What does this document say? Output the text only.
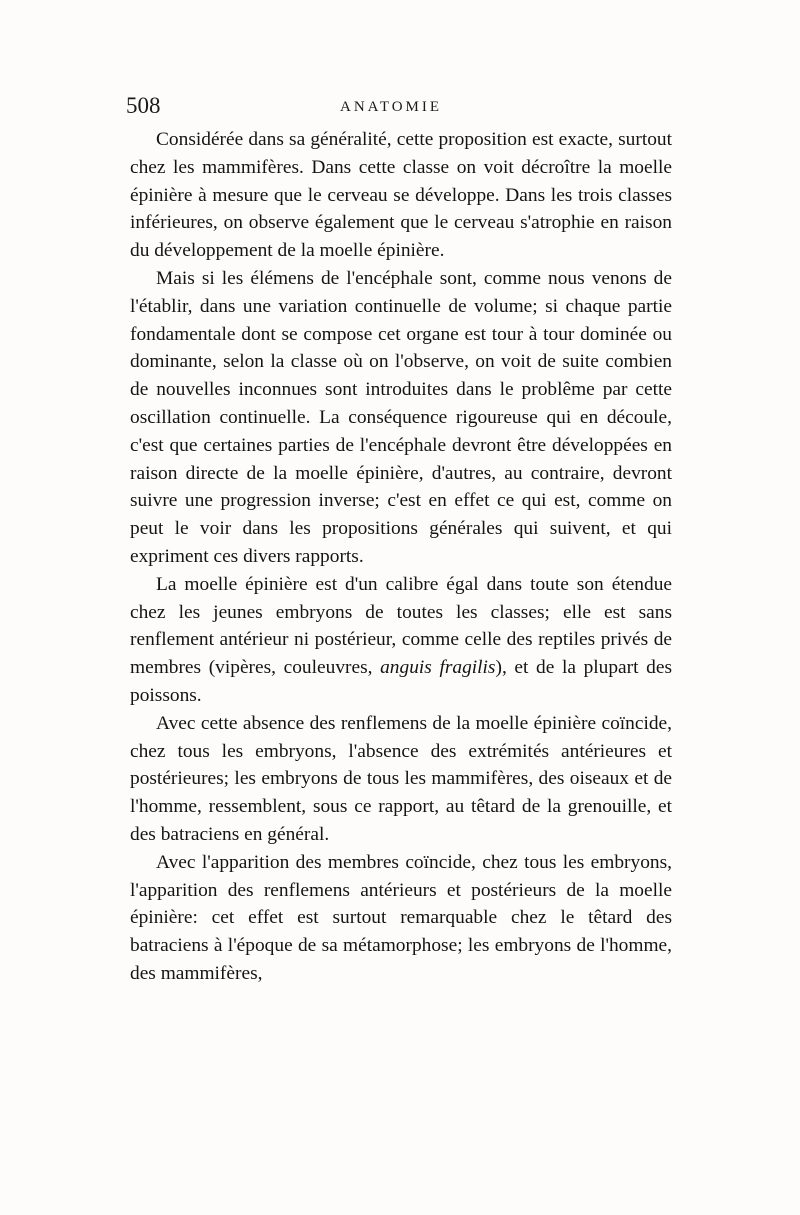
508	ANATOMIE

Considérée dans sa généralité, cette proposition est exacte, surtout chez les mammifères. Dans cette classe on voit décroître la moelle épinière à mesure que le cerveau se développe. Dans les trois classes inférieures, on observe également que le cerveau s'atrophie en raison du développement de la moelle épinière.

Mais si les élémens de l'encéphale sont, comme nous venons de l'établir, dans une variation continuelle de volume; si chaque partie fondamentale dont se compose cet organe est tour à tour dominée ou dominante, selon la classe où on l'observe, on voit de suite combien de nouvelles inconnues sont introduites dans le problême par cette oscillation continuelle. La conséquence rigoureuse qui en découle, c'est que certaines parties de l'encéphale devront être développées en raison directe de la moelle épinière, d'autres, au contraire, devront suivre une progression inverse; c'est en effet ce qui est, comme on peut le voir dans les propositions générales qui suivent, et qui expriment ces divers rapports.

La moelle épinière est d'un calibre égal dans toute son étendue chez les jeunes embryons de toutes les classes; elle est sans renflement antérieur ni postérieur, comme celle des reptiles privés de membres (vipères, couleuvres, anguis fragilis), et de la plupart des poissons.

Avec cette absence des renflemens de la moelle épinière coïncide, chez tous les embryons, l'absence des extrémités antérieures et postérieures; les embryons de tous les mammifères, des oiseaux et de l'homme, ressemblent, sous ce rapport, au têtard de la grenouille, et des batraciens en général.

Avec l'apparition des membres coïncide, chez tous les embryons, l'apparition des renflemens antérieurs et postérieurs de la moelle épinière: cet effet est surtout remarquable chez le têtard des batraciens à l'époque de sa métamorphose; les embryons de l'homme, des mammifères,
